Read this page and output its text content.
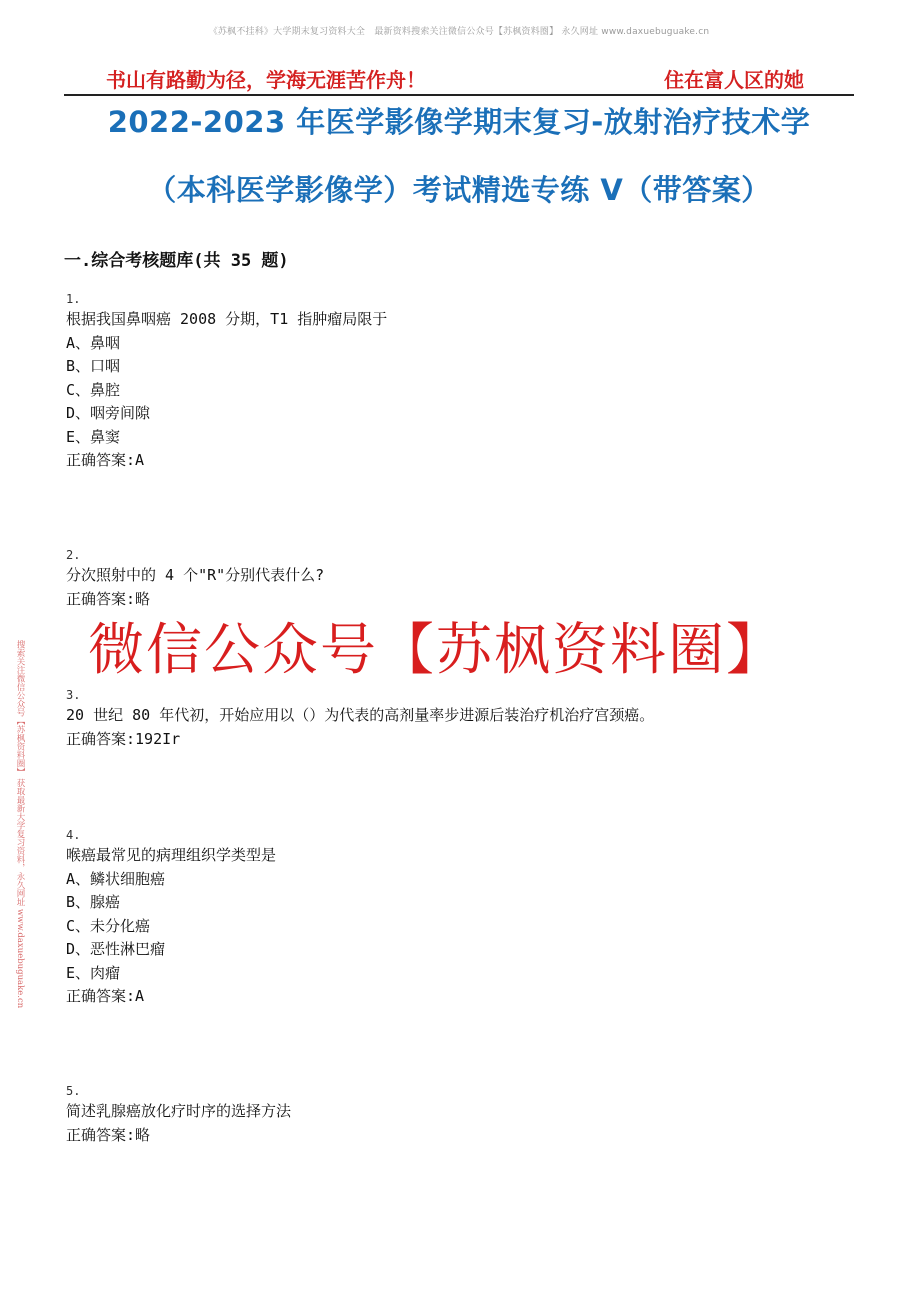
《苏枫不挂科》大学期末复习资料大全　最新资料搜索关注微信公众号【苏枫资料圈】 永久网址 www.daxuebuguake.cn
书山有路勤为径，学海无涯苦作舟！	住在富人区的她
2022-2023 年医学影像学期末复习-放射治疗技术学
（本科医学影像学）考试精选专练 V（带答案）
一.综合考核题库(共 35 题)
1.
根据我国鼻咽癌 2008 分期，T1 指肿瘤局限于
A、鼻咽
B、口咽
C、鼻腔
D、咽旁间隙
E、鼻窦
正确答案:A
2.
分次照射中的 4 个"R"分别代表什么?
正确答案:略
微信公众号【苏枫资料圈】
3.
20 世纪 80 年代初，开始应用以（）为代表的高剂量率步进源后装治疗机治疗宫颈癌。
正确答案:192Ir
4.
喉癌最常见的病理组织学类型是
A、鳞状细胞癌
B、腺癌
C、未分化癌
D、恶性淋巴瘤
E、肉瘤
正确答案:A
5.
简述乳腺癌放化疗时序的选择方法
正确答案:略
搜索关注微信公众号【苏枫资料圈】 获取最新大学复习资料，永久网址 www.daxuebuguake.cn
